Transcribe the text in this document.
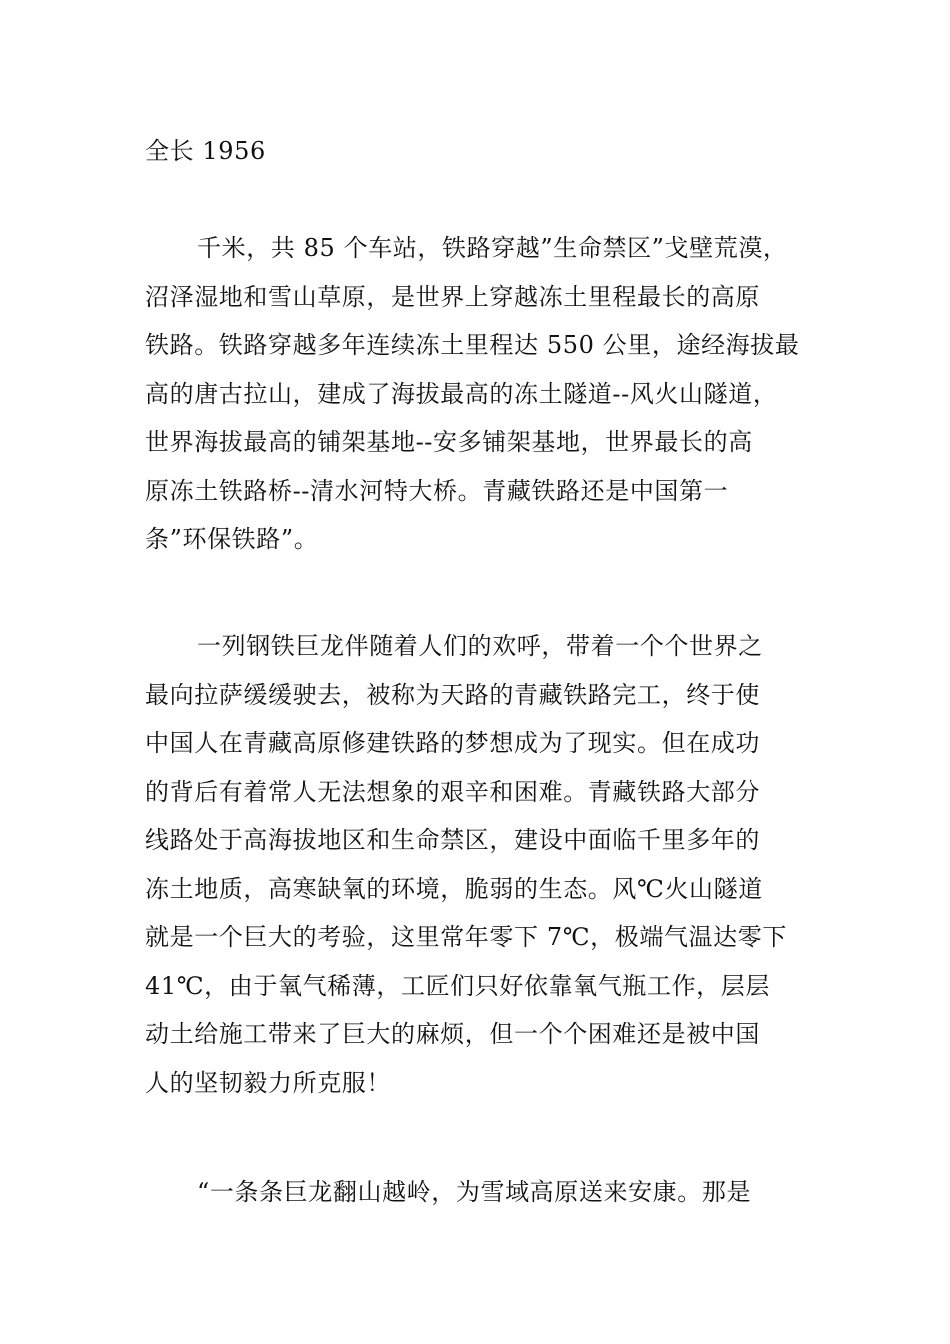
全长 1956

千米，共 85 个车站，铁路穿越”生命禁区”戈壁荒漠，
沼泽湿地和雪山草原，是世界上穿越冻土里程最长的高原
铁路。铁路穿越多年连续冻土里程达 550 公里，途经海拔最
高的唐古拉山，建成了海拔最高的冻土隧道--风火山隧道，
世界海拔最高的铺架基地--安多铺架基地，世界最长的高
原冻土铁路桥--清水河特大桥。青藏铁路还是中国第一
条”环保铁路”。

一列钢铁巨龙伴随着人们的欢呼，带着一个个世界之
最向拉萨缓缓驶去，被称为天路的青藏铁路完工，终于使
中国人在青藏高原修建铁路的梦想成为了现实。但在成功
的背后有着常人无法想象的艰辛和困难。青藏铁路大部分
线路处于高海拔地区和生命禁区，建设中面临千里多年的
冻土地质，高寒缺氧的环境，脆弱的生态。风℃火山隧道
就是一个巨大的考验，这里常年零下 7℃，极端气温达零下
41℃，由于氧气稀薄，工匠们只好依靠氧气瓶工作，层层
动土给施工带来了巨大的麻烦，但一个个困难还是被中国
人的坚韧毅力所克服！

“一条条巨龙翻山越岭，为雪域高原送来安康。那是
